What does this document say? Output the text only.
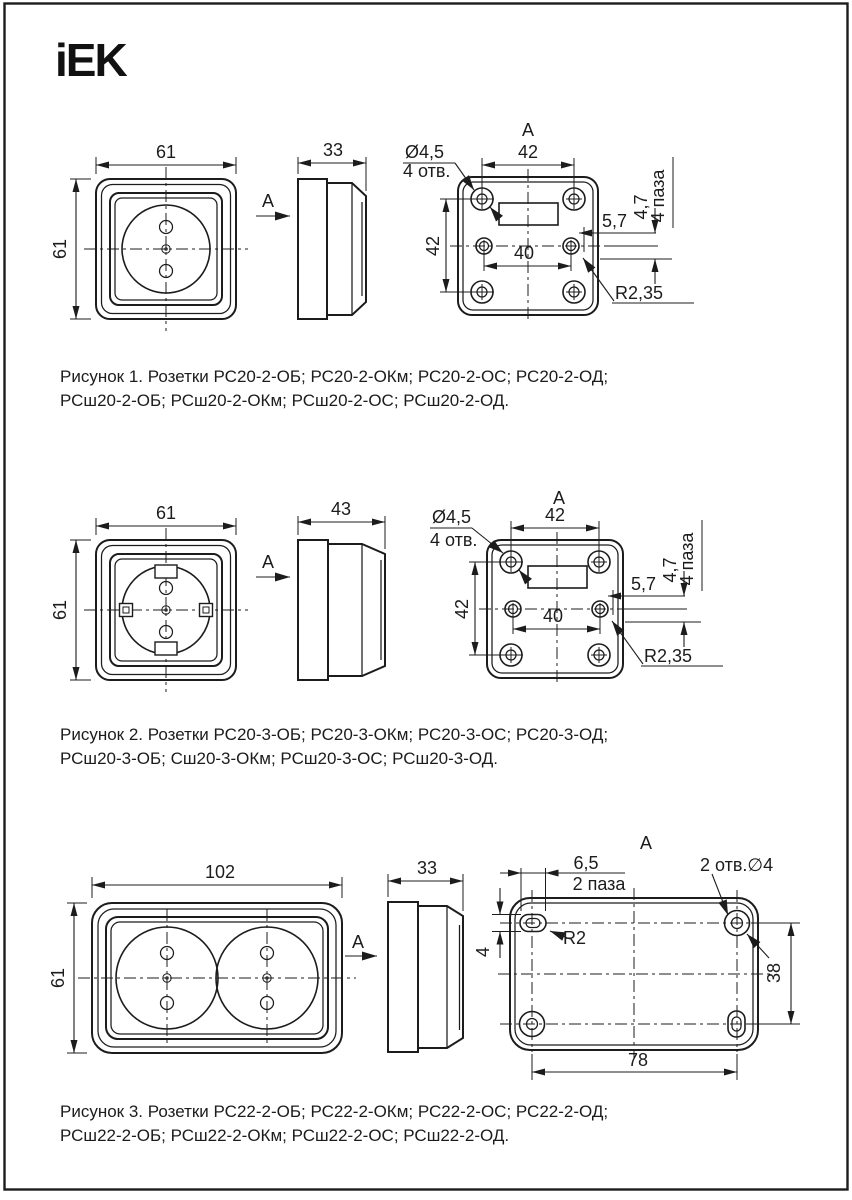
iEK
61
61
A
33
A
42
42	40
5,7
4,7
4 паза
Ø4,5
4 отв.
R2,35
Рисунок 1. Розетки РС20-2-ОБ; РС20-2-ОКм; РС20-2-ОС; РС20-2-ОД;
РСш20-2-ОБ; РСш20-2-ОКм; РСш20-2-ОС; РСш20-2-ОД.
61
61
A
43
A
42
42	40
5,7
4,7
4 паза
Ø4,5
4 отв.
R2,35
Рисунок 2. Розетки РС20-3-ОБ; РС20-3-ОКм; РС20-3-ОС; РС20-3-ОД;
РСш20-3-ОБ; Сш20-3-ОКм; РСш20-3-ОС; РСш20-3-ОД.
102
61
A
33
A
6,5
2 паза
4
R2
2 отв.∅4
38
78
Рисунок 3. Розетки РС22-2-ОБ; РС22-2-ОКм; РС22-2-ОС; РС22-2-ОД;
РСш22-2-ОБ; РСш22-2-ОКм; РСш22-2-ОС; РСш22-2-ОД.
